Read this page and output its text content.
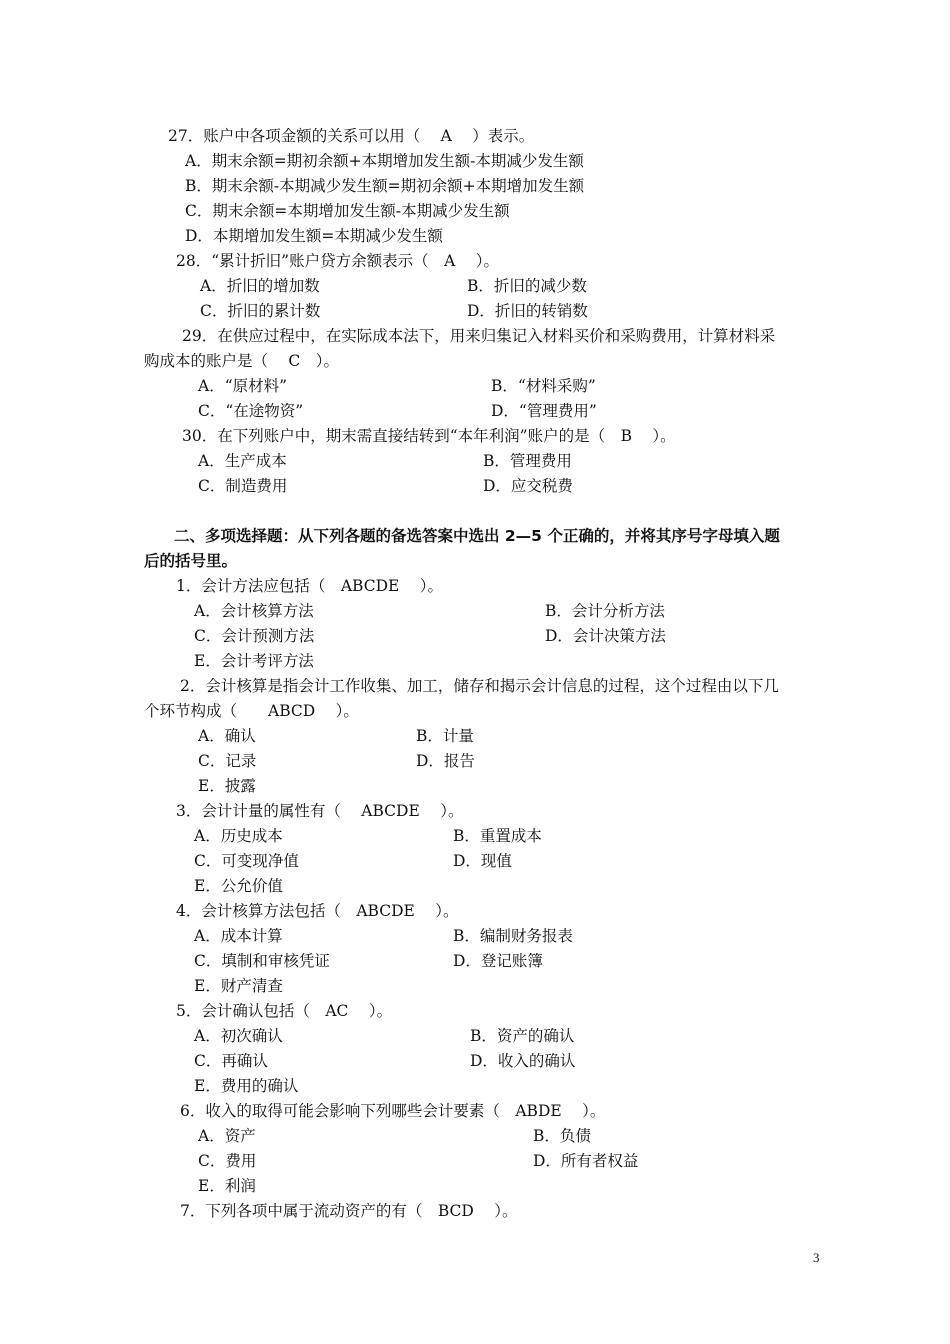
27．账户中各项金额的关系可以用（　 A　 ）表示。
A．期末余额=期初余额+本期增加发生额-本期减少发生额
B．期末余额-本期减少发生额=期初余额+本期增加发生额
C．期末余额=本期增加发生额-本期减少发生额
D．本期增加发生额=本期减少发生额
28．“累计折旧”账户贷方余额表示（　A　 ）。
A．折旧的增加数	B．折旧的减少数
C．折旧的累计数	D．折旧的转销数
29．在供应过程中，在实际成本法下，用来归集记入材料买价和采购费用，计算材料采
购成本的账户是（　 C　）。
A．“原材料”	B．“材料采购”
C．“在途物资”	D．“管理费用”
30．在下列账户中，期末需直接结转到“本年利润”账户的是（　B　 ）。
A．生产成本	B．管理费用
C．制造费用	D．应交税费
二、多项选择题：从下列各题的备选答案中选出 2—5 个正确的，并将其序号字母填入题
后的括号里。
1．会计方法应包括（　ABCDE　 ）。
A．会计核算方法	B．会计分析方法
C．会计预测方法	D．会计决策方法
E．会计考评方法
2．会计核算是指会计工作收集、加工，储存和揭示会计信息的过程，这个过程由以下几
个环节构成（　　ABCD　 ）。
A．确认	B．计量
C．记录	D．报告
E．披露
3．会计计量的属性有（　 ABCDE　 ）。
A．历史成本	B．重置成本
C．可变现净值	D．现值
E．公允价值
4．会计核算方法包括（　ABCDE　 ）。
A．成本计算	B．编制财务报表
C．填制和审核凭证	D．登记账簿
E．财产清查
5．会计确认包括（　AC　 ）。
A．初次确认	B．资产的确认
C．再确认	D．收入的确认
E．费用的确认
6．收入的取得可能会影响下列哪些会计要素（　ABDE　 ）。
A．资产	B．负债
C．费用	D．所有者权益
E．利润
7．下列各项中属于流动资产的有（　BCD　 ）。
3
